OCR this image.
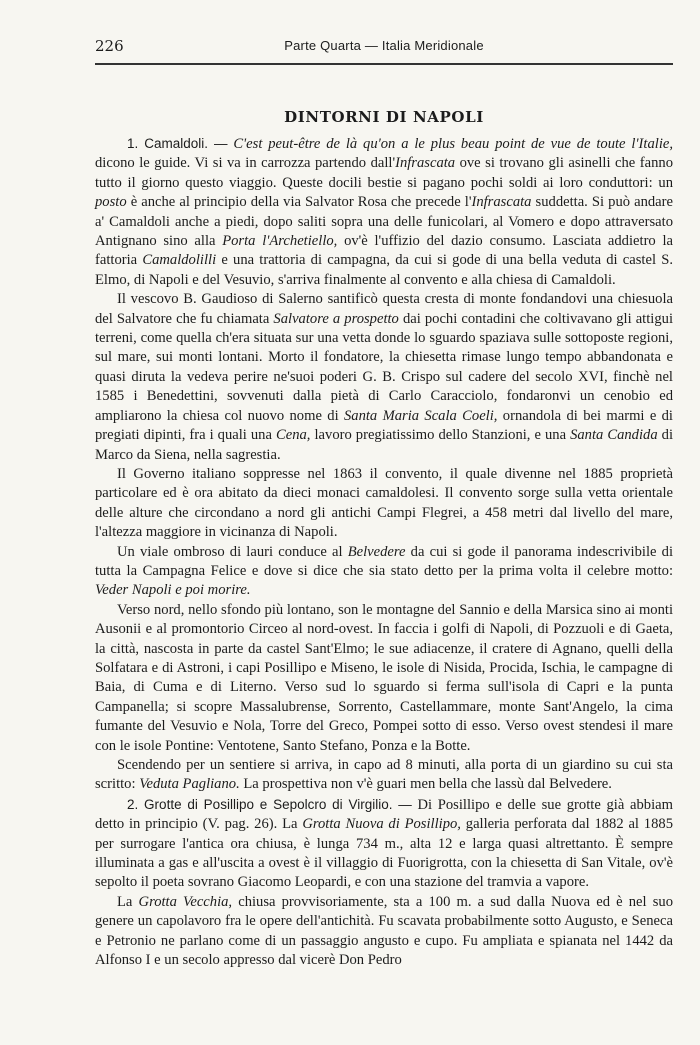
226	Parte Quarta — Italia Meridionale
DINTORNI DI NAPOLI

1. Camaldoli. — C'est peut-être de là qu'on a le plus beau point de vue de toute l'Italie, dicono le guide. Vi si va in carrozza partendo dall'Infrascata ove si trovano gli asinelli che fanno tutto il giorno questo viaggio. Queste docili bestie si pagano pochi soldi ai loro conduttori: un posto è anche al principio della via Salvator Rosa che precede l'Infrascata suddetta. Si può andare a' Camaldoli anche a piedi, dopo saliti sopra una delle funicolari, al Vomero e dopo attraversato Antignano sino alla Porta l'Archetiello, ov'è l'uffizio del dazio consumo. Lasciata addietro la fattoria Camaldolilli e una trattoria di campagna, da cui si gode di una bella veduta di castel S. Elmo, di Napoli e del Vesuvio, s'arriva finalmente al convento e alla chiesa di Camaldoli.

Il vescovo B. Gaudioso di Salerno santificò questa cresta di monte fondandovi una chiesuola del Salvatore che fu chiamata Salvatore a prospetto dai pochi contadini che coltivavano gli attigui terreni, come quella ch'era situata sur una vetta donde lo sguardo spaziava sulle sottoposte regioni, sul mare, sui monti lontani. Morto il fondatore, la chiesetta rimase lungo tempo abbandonata e quasi diruta la vedeva perire ne'suoi poderi G. B. Crispo sul cadere del secolo XVI, finchè nel 1585 i Benedettini, sovvenuti dalla pietà di Carlo Caracciolo, fondaronvi un cenobio ed ampliarono la chiesa col nuovo nome di Santa Maria Scala Coeli, ornandola di bei marmi e di pregiati dipinti, fra i quali una Cena, lavoro pregiatissimo dello Stanzioni, e una Santa Candida di Marco da Siena, nella sagrestia.

Il Governo italiano soppresse nel 1863 il convento, il quale divenne nel 1885 proprietà particolare ed è ora abitato da dieci monaci camaldolesi. Il convento sorge sulla vetta orientale delle alture che circondano a nord gli antichi Campi Flegrei, a 458 metri dal livello del mare, l'altezza maggiore in vicinanza di Napoli.

Un viale ombroso di lauri conduce al Belvedere da cui si gode il panorama indescrivibile di tutta la Campagna Felice e dove si dice che sia stato detto per la prima volta il celebre motto: Veder Napoli e poi morire.

Verso nord, nello sfondo più lontano, son le montagne del Sannio e della Marsica sino ai monti Ausonii e al promontorio Circeo al nord-ovest. In faccia i golfi di Napoli, di Pozzuoli e di Gaeta, la città, nascosta in parte da castel Sant'Elmo; le sue adiacenze, il cratere di Agnano, quelli della Solfatara e di Astroni, i capi Posillipo e Miseno, le isole di Nisida, Procida, Ischia, le campagne di Baia, di Cuma e di Literno. Verso sud lo sguardo si ferma sull'isola di Capri e la punta Campanella; si scopre Massalubrense, Sorrento, Castellammare, monte Sant'Angelo, la cima fumante del Vesuvio e Nola, Torre del Greco, Pompei sotto di esso. Verso ovest stendesi il mare con le isole Pontine: Ventotene, Santo Stefano, Ponza e la Botte.

Scendendo per un sentiere si arriva, in capo ad 8 minuti, alla porta di un giardino su cui sta scritto: Veduta Pagliano. La prospettiva non v'è guari men bella che lassù dal Belvedere.

2. Grotte di Posillipo e Sepolcro di Virgilio. — Di Posillipo e delle sue grotte già abbiam detto in principio (V. pag. 26). La Grotta Nuova di Posillipo, galleria perforata dal 1882 al 1885 per surrogare l'antica ora chiusa, è lunga 734 m., alta 12 e larga quasi altrettanto. È sempre illuminata a gas e all'uscita a ovest è il villaggio di Fuorigrotta, con la chiesetta di San Vitale, ov'è sepolto il poeta sovrano Giacomo Leopardi, e con una stazione del tramvia a vapore.

La Grotta Vecchia, chiusa provvisoriamente, sta a 100 m. a sud dalla Nuova ed è nel suo genere un capolavoro fra le opere dell'antichità. Fu scavata probabilmente sotto Augusto, e Seneca e Petronio ne parlano come di un passaggio angusto e cupo. Fu ampliata e spianata nel 1442 da Alfonso I e un secolo appresso dal vicerè Don Pedro
